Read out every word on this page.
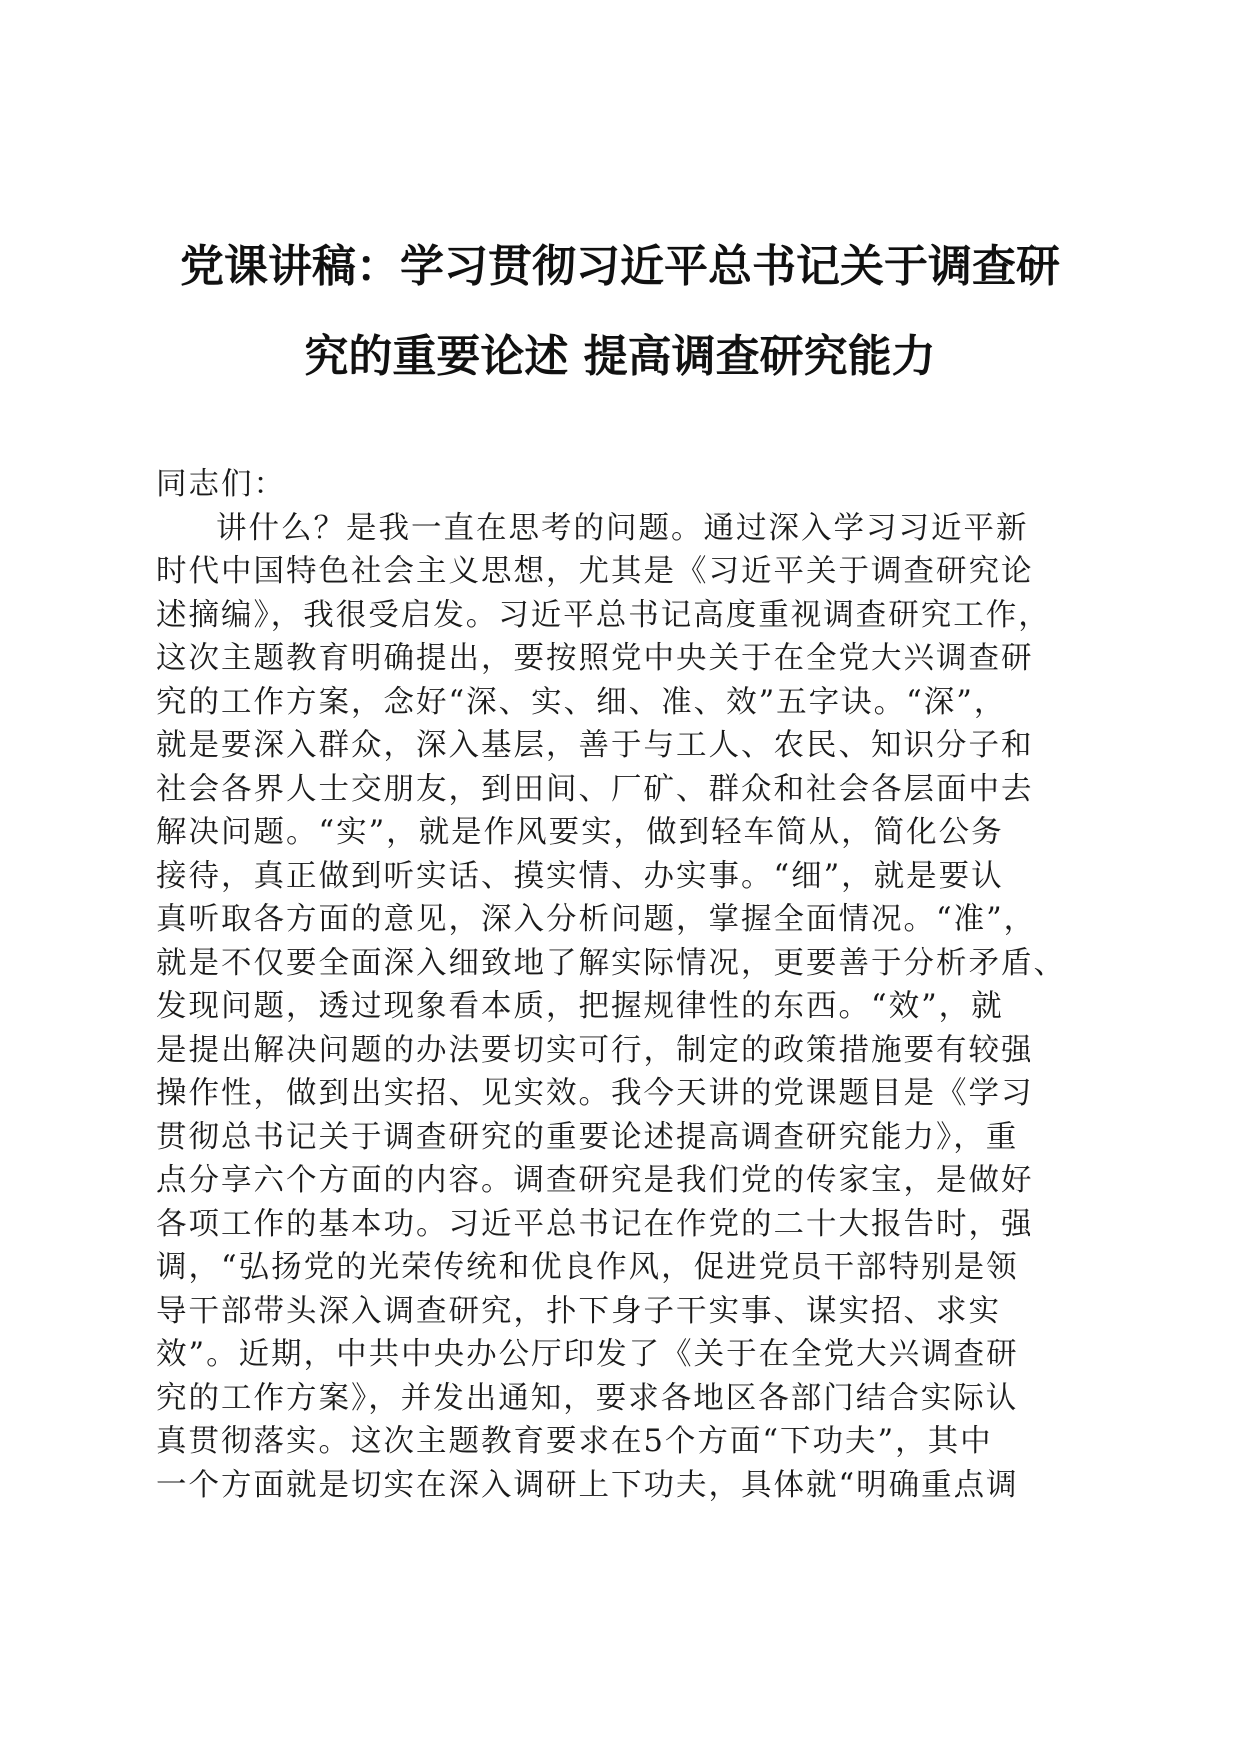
党课讲稿：学习贯彻习近平总书记关于调查研
究的重要论述 提高调查研究能力
同志们：
讲什么？是我一直在思考的问题。通过深入学习习近平新
时代中国特色社会主义思想，尤其是《习近平关于调查研究论
述摘编》，我很受启发。习近平总书记高度重视调查研究工作，
这次主题教育明确提出，要按照党中央关于在全党大兴调查研
究的工作方案，念好“深、实、细、准、效”五字诀。“深”，
就是要深入群众，深入基层，善于与工人、农民、知识分子和
社会各界人士交朋友，到田间、厂矿、群众和社会各层面中去
解决问题。“实”，就是作风要实，做到轻车简从，简化公务
接待，真正做到听实话、摸实情、办实事。“细”，就是要认
真听取各方面的意见，深入分析问题，掌握全面情况。“准”，
就是不仅要全面深入细致地了解实际情况，更要善于分析矛盾、
发现问题，透过现象看本质，把握规律性的东西。“效”，就
是提出解决问题的办法要切实可行，制定的政策措施要有较强
操作性，做到出实招、见实效。我今天讲的党课题目是《学习
贯彻总书记关于调查研究的重要论述提高调查研究能力》，重
点分享六个方面的内容。调查研究是我们党的传家宝，是做好
各项工作的基本功。习近平总书记在作党的二十大报告时，强
调，“弘扬党的光荣传统和优良作风，促进党员干部特别是领
导干部带头深入调查研究，扑下身子干实事、谋实招、求实
效”。近期，中共中央办公厅印发了《关于在全党大兴调查研
究的工作方案》，并发出通知，要求各地区各部门结合实际认
真贯彻落实。这次主题教育要求在5个方面“下功夫”，其中
一个方面就是切实在深入调研上下功夫，具体就“明确重点调
